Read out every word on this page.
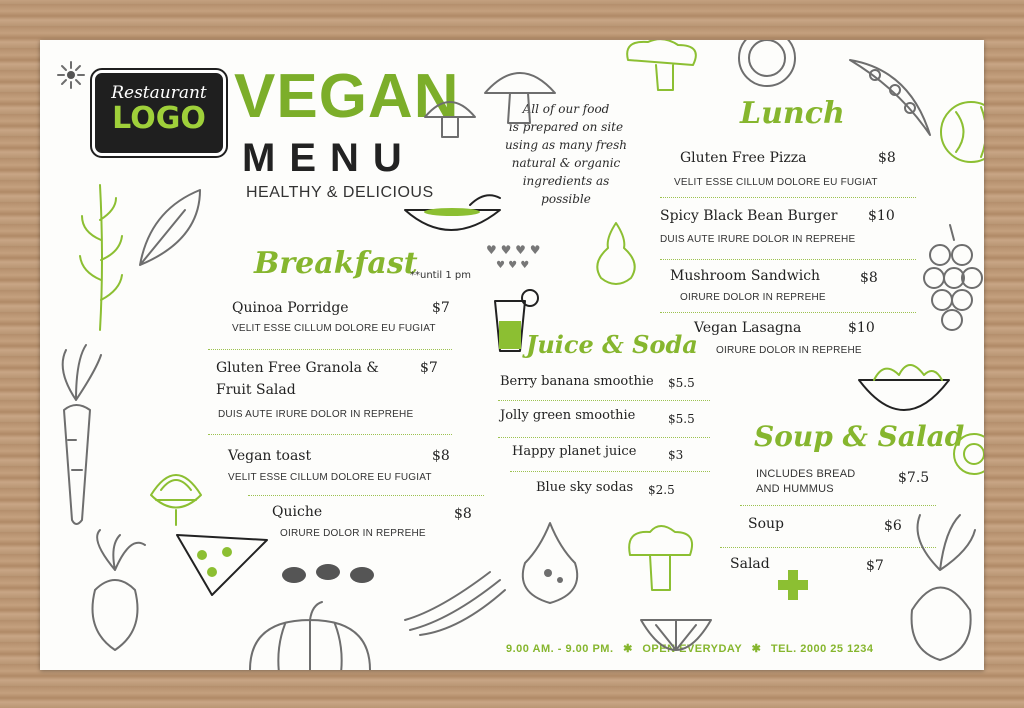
Restaurant
LOGO VEGAN
MENU
HEALTHY & DELICIOUS
All of our food
is prepared on site
using as many fresh
natural & organic
ingredients as
possible
Breakfast
**until 1 pm
Quinoa Porridge	$7
VELIT ESSE CILLUM DOLORE EU FUGIAT
Gluten Free Granola &
Fruit Salad
$7
DUIS AUTE IRURE DOLOR IN REPREHE
Vegan toast	$8
VELIT ESSE CILLUM DOLORE EU FUGIAT
Quiche	$8
OIRURE DOLOR IN REPREHE
Juice & Soda
Berry banana smoothie $5.5
Jolly green smoothie	$5.5
Happy planet juice	$3
Blue sky sodas $2.5
Lunch
Gluten Free Pizza	$8
VELIT ESSE CILLUM DOLORE EU FUGIAT
Spicy Black Bean Burger $10
DUIS AUTE IRURE DOLOR IN REPREHE
Mushroom Sandwich	$8
OIRURE DOLOR IN REPREHE
Vegan Lasagna	$10
OIRURE DOLOR IN REPREHE
Soup & Salad
INCLUDES BREAD
AND HUMMUS
$7.5
Soup	$6
Salad	$7
9.00 AM. - 9.00 PM. ✱ OPEN EVERYDAY ✱ TEL. 2000 25 1234
♥ ♥ ♥ ♥
♥ ♥ ♥
